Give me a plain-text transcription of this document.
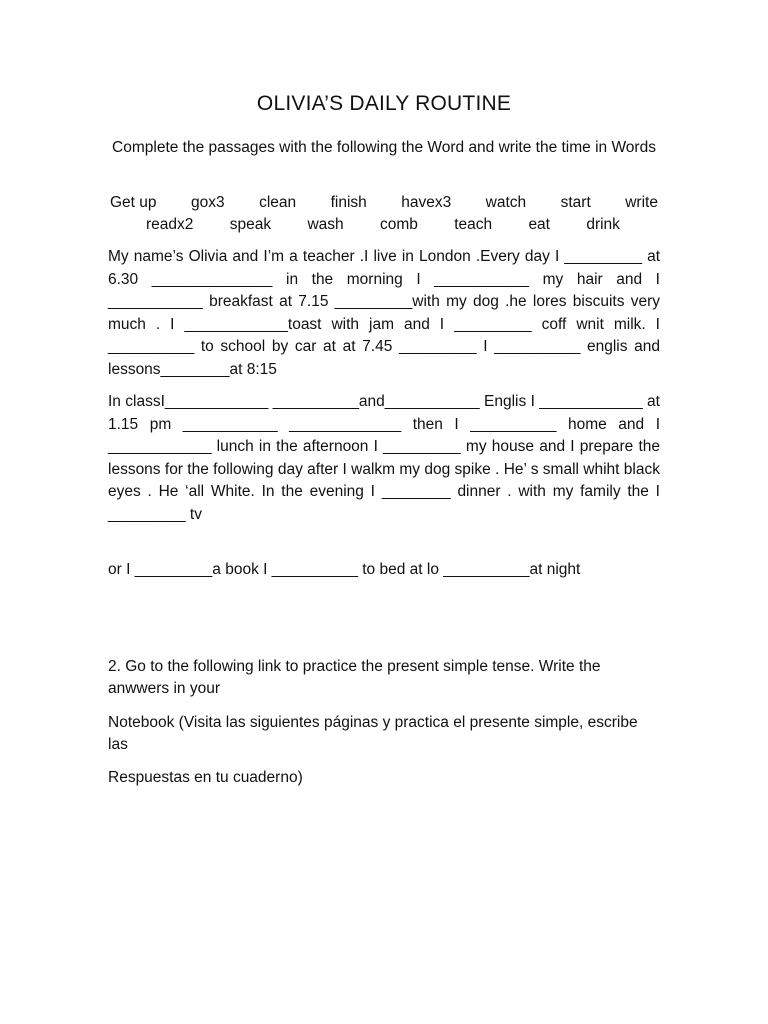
OLIVIA’S DAILY ROUTINE
Complete the passages with the following the Word and write the time in Words
Get up gox3 clean finish havex3 watch start write
readx2 speak wash comb teach eat drink
My name’s Olivia and I’m a teacher .I live in London .Every day I _________ at 6.30 ______________ in the morning I ___________ my hair and I ___________ breakfast at 7.15 _________with my dog .he lores biscuits very much . I ____________toast with jam and I _________ coff wnit milk. I __________ to school by car at at 7.45 _________ I __________ englis and lessons________at 8:15
In classI____________ __________and___________ Englis I ____________ at 1.15 pm ___________ _____________ then I __________ home and I ____________ lunch in the afternoon I _________ my house and I prepare the lessons for the following day after I walkm my dog spike . He’ s small whiht black eyes . He ‘all White. In the evening I ________ dinner . with my family the I _________ tv
or I _________a book I __________ to bed at lo __________at night
2. Go to the following link to practice the present simple tense. Write the anwwers in your
Notebook (Visita las siguientes páginas y practica el presente simple, escribe las
Respuestas en tu cuaderno)
